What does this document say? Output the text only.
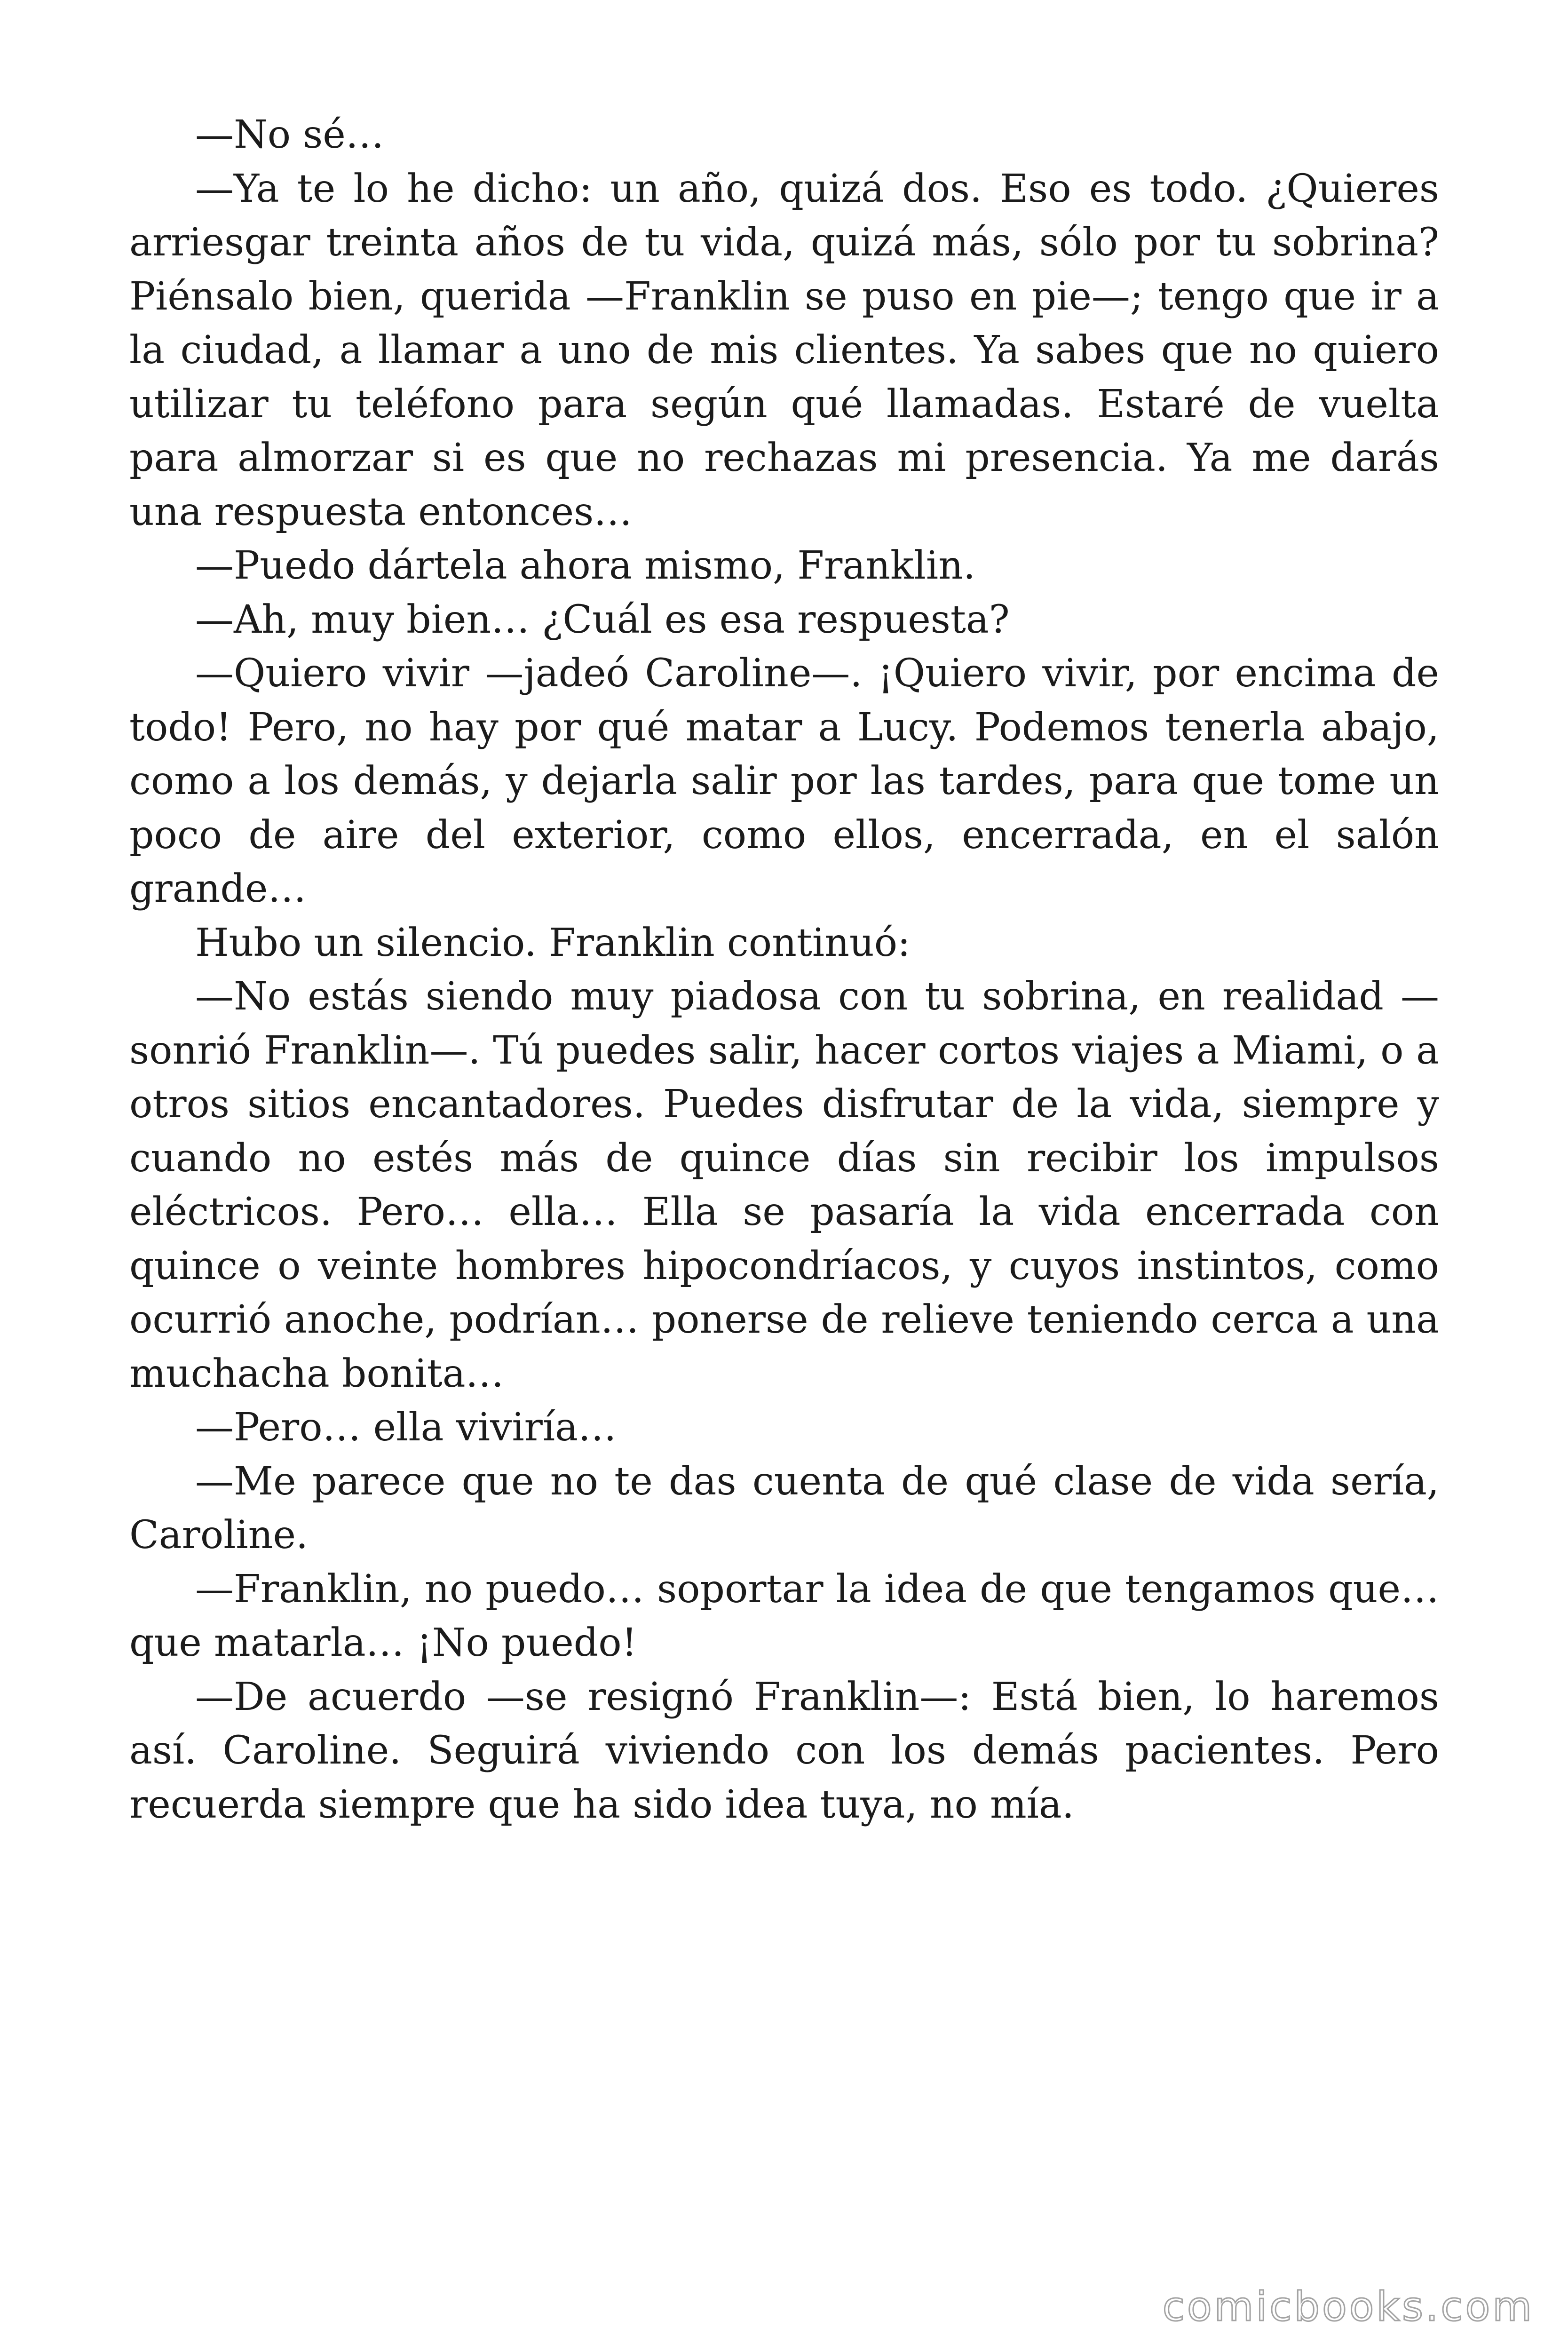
—No sé…

—Ya te lo he dicho: un año, quizá dos. Eso es todo. ¿Quieres arriesgar treinta años de tu vida, quizá más, sólo por tu sobrina? Piénsalo bien, querida —Franklin se puso en pie—; tengo que ir a la ciudad, a llamar a uno de mis clientes. Ya sabes que no quiero utilizar tu teléfono para según qué llamadas. Estaré de vuelta para almorzar si es que no rechazas mi presencia. Ya me darás una respuesta entonces…

—Puedo dártela ahora mismo, Franklin.

—Ah, muy bien… ¿Cuál es esa respuesta?

—Quiero vivir —jadeó Caroline—. ¡Quiero vivir, por encima de todo! Pero, no hay por qué matar a Lucy. Podemos tenerla abajo, como a los demás, y dejarla salir por las tardes, para que tome un poco de aire del exterior, como ellos, encerrada, en el salón grande…

Hubo un silencio. Franklin continuó:

—No estás siendo muy piadosa con tu sobrina, en realidad —sonrió Franklin—. Tú puedes salir, hacer cortos viajes a Miami, o a otros sitios encantadores. Puedes disfrutar de la vida, siempre y cuando no estés más de quince días sin recibir los impulsos eléctricos. Pero… ella… Ella se pasaría la vida encerrada con quince o veinte hombres hipocondríacos, y cuyos instintos, como ocurrió anoche, podrían… ponerse de relieve teniendo cerca a una muchacha bonita…

—Pero… ella viviría…

—Me parece que no te das cuenta de qué clase de vida sería, Caroline.

—Franklin, no puedo… soportar la idea de que tengamos que… que matarla… ¡No puedo!

—De acuerdo —se resignó Franklin—: Está bien, lo haremos así. Caroline. Seguirá viviendo con los demás pacientes. Pero recuerda siempre que ha sido idea tuya, no mía.

comicbooks.com
